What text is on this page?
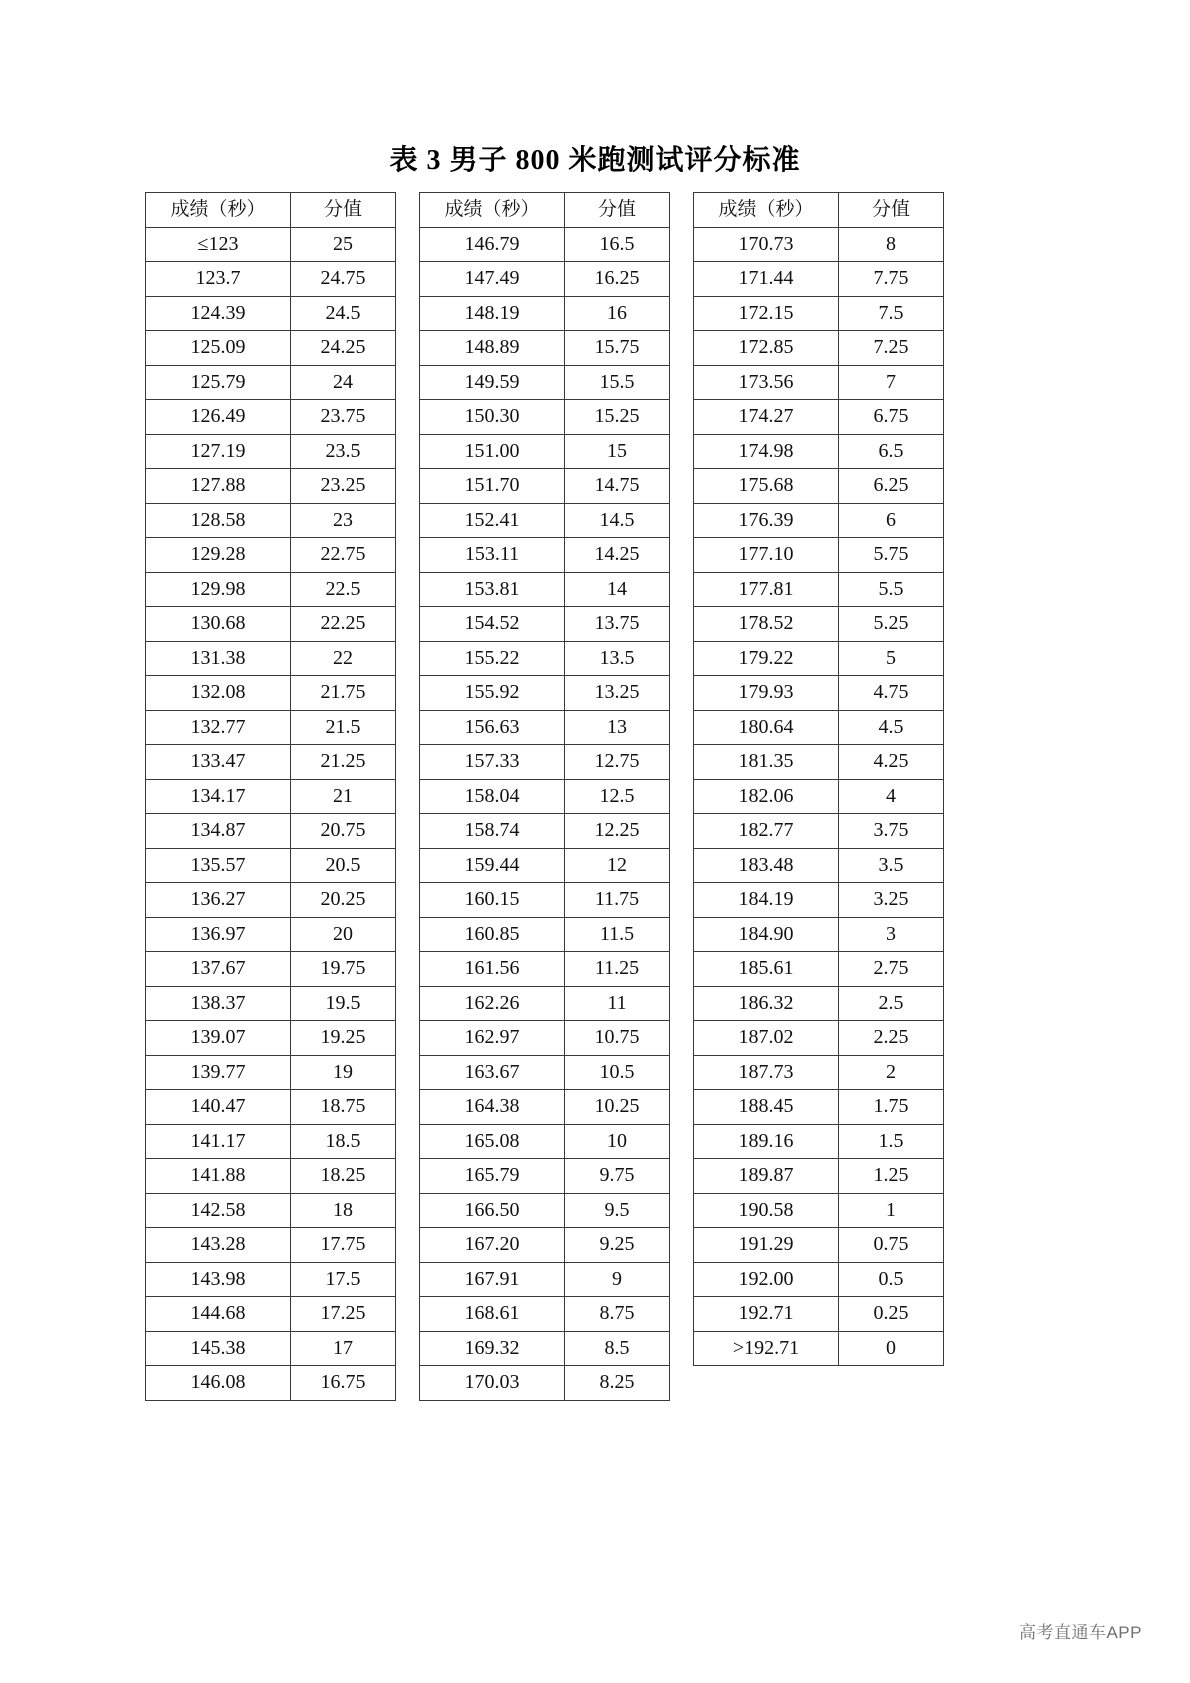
表 3 男子 800 米跑测试评分标准
成绩（秒）	分值
≤123	25
123.7	24.75
124.39	24.5
125.09	24.25
125.79	24
126.49	23.75
127.19	23.5
127.88	23.25
128.58	23
129.28	22.75
129.98	22.5
130.68	22.25
131.38	22
132.08	21.75
132.77	21.5
133.47	21.25
134.17	21
134.87	20.75
135.57	20.5
136.27	20.25
136.97	20
137.67	19.75
138.37	19.5
139.07	19.25
139.77	19
140.47	18.75
141.17	18.5
141.88	18.25
142.58	18
143.28	17.75
143.98	17.5
144.68	17.25
145.38	17
146.08	16.75
成绩（秒）	分值
146.79	16.5
147.49	16.25
148.19	16
148.89	15.75
149.59	15.5
150.30	15.25
151.00	15
151.70	14.75
152.41	14.5
153.11	14.25
153.81	14
154.52	13.75
155.22	13.5
155.92	13.25
156.63	13
157.33	12.75
158.04	12.5
158.74	12.25
159.44	12
160.15	11.75
160.85	11.5
161.56	11.25
162.26	11
162.97	10.75
163.67	10.5
164.38	10.25
165.08	10
165.79	9.75
166.50	9.5
167.20	9.25
167.91	9
168.61	8.75
169.32	8.5
170.03	8.25
成绩（秒）	分值
170.73	8
171.44	7.75
172.15	7.5
172.85	7.25
173.56	7
174.27	6.75
174.98	6.5
175.68	6.25
176.39	6
177.10	5.75
177.81	5.5
178.52	5.25
179.22	5
179.93	4.75
180.64	4.5
181.35	4.25
182.06	4
182.77	3.75
183.48	3.5
184.19	3.25
184.90	3
185.61	2.75
186.32	2.5
187.02	2.25
187.73	2
188.45	1.75
189.16	1.5
189.87	1.25
190.58	1
191.29	0.75
192.00	0.5
192.71	0.25
>192.71	0
高考直通车APP
